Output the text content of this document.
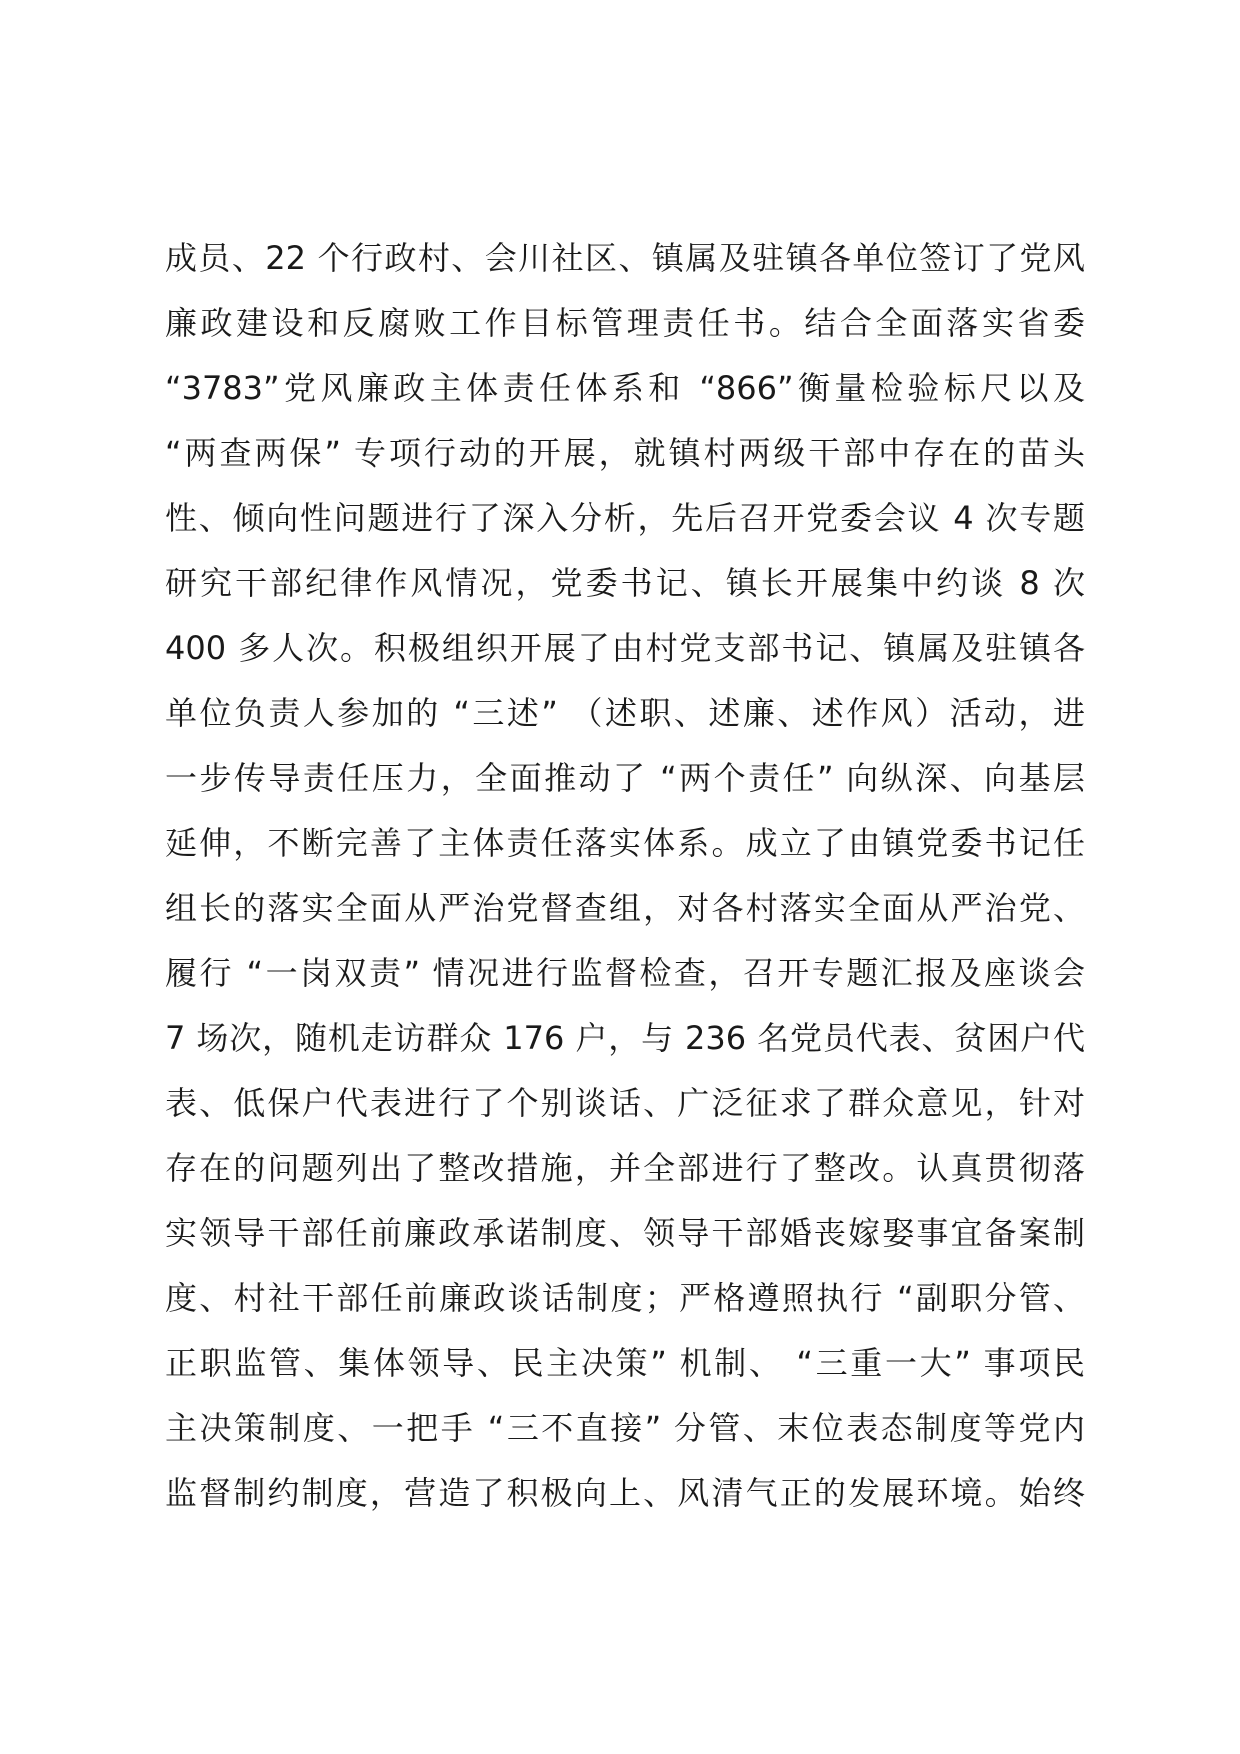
成员、22 个行政村、会川社区、镇属及驻镇各单位签订了党风
廉政建设和反腐败工作目标管理责任书。结合全面落实省委
“3783”党风廉政主体责任体系和 “866”衡量检验标尺以及
“两查两保” 专项行动的开展，就镇村两级干部中存在的苗头
性、倾向性问题进行了深入分析，先后召开党委会议 4 次专题
研究干部纪律作风情况，党委书记、镇长开展集中约谈 8 次
400 多人次。积极组织开展了由村党支部书记、镇属及驻镇各
单位负责人参加的 “三述” （述职、述廉、述作风）活动，进
一步传导责任压力，全面推动了 “两个责任” 向纵深、向基层
延伸，不断完善了主体责任落实体系。成立了由镇党委书记任
组长的落实全面从严治党督查组，对各村落实全面从严治党、
履行 “一岗双责” 情况进行监督检查，召开专题汇报及座谈会
7 场次，随机走访群众 176 户，与 236 名党员代表、贫困户代
表、低保户代表进行了个别谈话、广泛征求了群众意见，针对
存在的问题列出了整改措施，并全部进行了整改。认真贯彻落
实领导干部任前廉政承诺制度、领导干部婚丧嫁娶事宜备案制
度、村社干部任前廉政谈话制度；严格遵照执行 “副职分管、
正职监管、集体领导、民主决策” 机制、 “三重一大” 事项民
主决策制度、一把手 “三不直接” 分管、末位表态制度等党内
监督制约制度，营造了积极向上、风清气正的发展环境。始终
